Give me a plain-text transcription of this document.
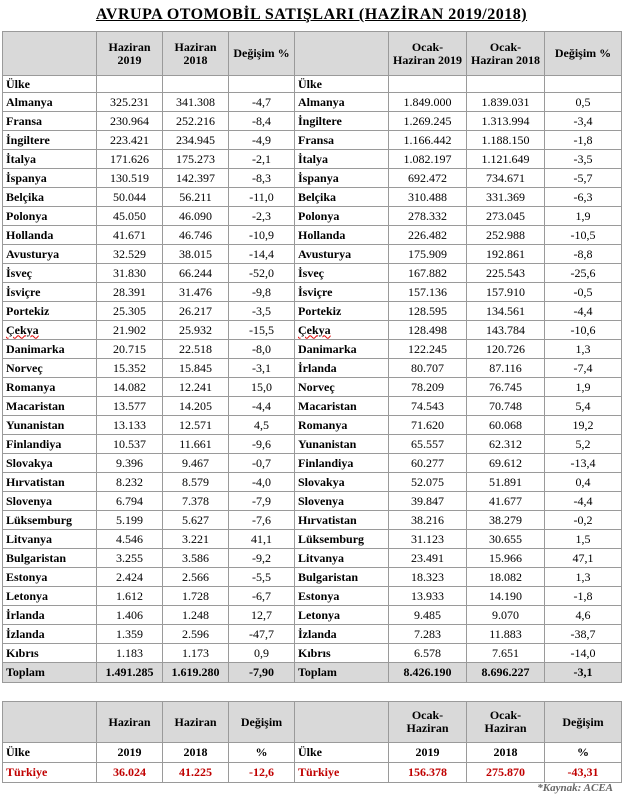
AVRUPA OTOMOBİL SATIŞLARI (HAZİRAN 2019/2018)
	Haziran 2019	Haziran 2018	Değişim %		Ocak-Haziran 2019	Ocak-Haziran 2018	Değişim %
Ülke				Ülke			
Almanya	325.231	341.308	-4,7	Almanya	1.849.000	1.839.031	0,5
Fransa	230.964	252.216	-8,4	İngiltere	1.269.245	1.313.994	-3,4
İngiltere	223.421	234.945	-4,9	Fransa	1.166.442	1.188.150	-1,8
İtalya	171.626	175.273	-2,1	İtalya	1.082.197	1.121.649	-3,5
İspanya	130.519	142.397	-8,3	İspanya	692.472	734.671	-5,7
Belçika	50.044	56.211	-11,0	Belçika	310.488	331.369	-6,3
Polonya	45.050	46.090	-2,3	Polonya	278.332	273.045	1,9
Hollanda	41.671	46.746	-10,9	Hollanda	226.482	252.988	-10,5
Avusturya	32.529	38.015	-14,4	Avusturya	175.909	192.861	-8,8
İsveç	31.830	66.244	-52,0	İsveç	167.882	225.543	-25,6
İsviçre	28.391	31.476	-9,8	İsviçre	157.136	157.910	-0,5
Portekiz	25.305	26.217	-3,5	Portekiz	128.595	134.561	-4,4
Çekya	21.902	25.932	-15,5	Çekya	128.498	143.784	-10,6
Danimarka	20.715	22.518	-8,0	Danimarka	122.245	120.726	1,3
Norveç	15.352	15.845	-3,1	İrlanda	80.707	87.116	-7,4
Romanya	14.082	12.241	15,0	Norveç	78.209	76.745	1,9
Macaristan	13.577	14.205	-4,4	Macaristan	74.543	70.748	5,4
Yunanistan	13.133	12.571	4,5	Romanya	71.620	60.068	19,2
Finlandiya	10.537	11.661	-9,6	Yunanistan	65.557	62.312	5,2
Slovakya	9.396	9.467	-0,7	Finlandiya	60.277	69.612	-13,4
Hırvatistan	8.232	8.579	-4,0	Slovakya	52.075	51.891	0,4
Slovenya	6.794	7.378	-7,9	Slovenya	39.847	41.677	-4,4
Lüksemburg	5.199	5.627	-7,6	Hırvatistan	38.216	38.279	-0,2
Litvanya	4.546	3.221	41,1	Lüksemburg	31.123	30.655	1,5
Bulgaristan	3.255	3.586	-9,2	Litvanya	23.491	15.966	47,1
Estonya	2.424	2.566	-5,5	Bulgaristan	18.323	18.082	1,3
Letonya	1.612	1.728	-6,7	Estonya	13.933	14.190	-1,8
İrlanda	1.406	1.248	12,7	Letonya	9.485	9.070	4,6
İzlanda	1.359	2.596	-47,7	İzlanda	7.283	11.883	-38,7
Kıbrıs	1.183	1.173	0,9	Kıbrıs	6.578	7.651	-14,0
Toplam	1.491.285	1.619.280	-7,90	Toplam	8.426.190	8.696.227	-3,1
	Haziran	Haziran	Değişim		Ocak-Haziran	Ocak-Haziran	Değişim
Ülke	2019	2018	%	Ülke	2019	2018	%
Türkiye	36.024	41.225	-12,6	Türkiye	156.378	275.870	-43,31
*Kaynak: ACEA
